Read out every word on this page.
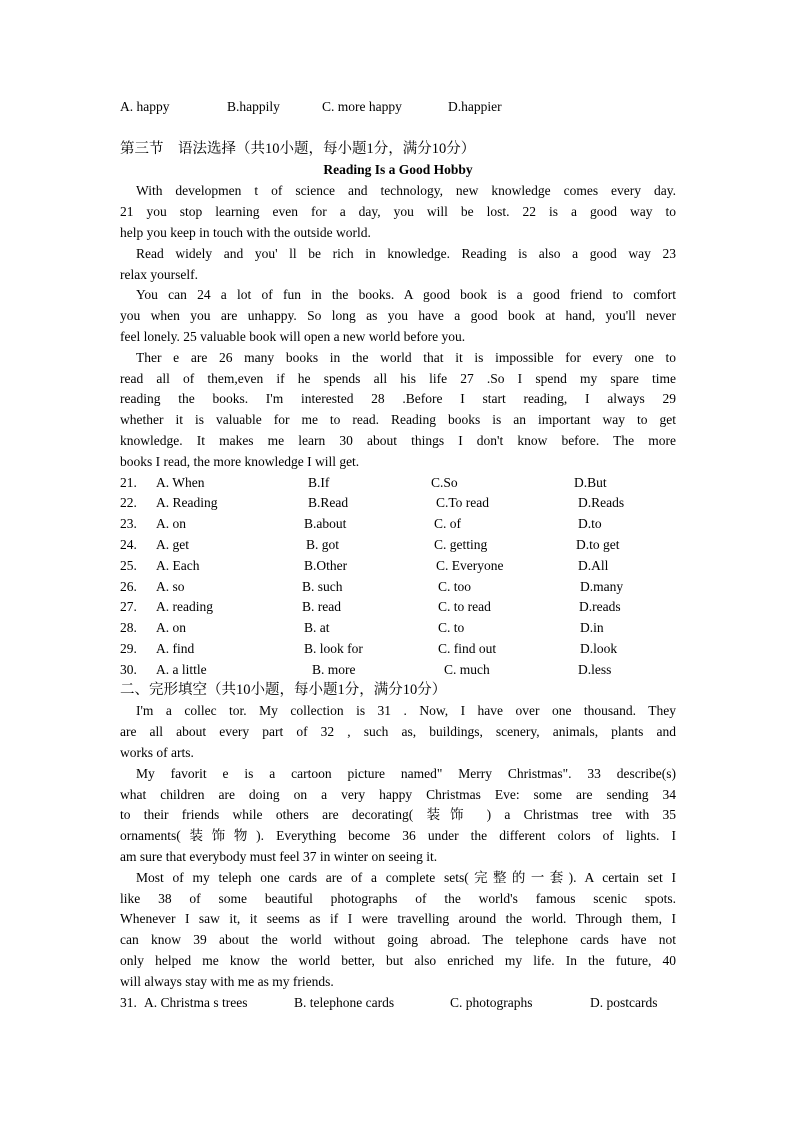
A. happy	B.happily	C. more happy	D.happier
第三节　语法选择（共10小题，每小题1分，满分10分）
Reading Is a Good Hobby
With developmen t of science and technology, new knowledge comes every day.
21 you stop learning even for a day, you will be lost. 22 is a good way to
help you keep in touch with the outside world.
Read widely and you' ll be rich in knowledge. Reading is also a good way 23
relax yourself.
You can 24 a lot of fun in the books. A good book is a good friend to comfort
you when you are unhappy. So long as you have a good book at hand, you'll never
feel lonely. 25 valuable book will open a new world before you.
Ther e are 26 many books in the world that it is impossible for every one to
read all of them,even if he spends all his life 27 .So I spend my spare time
reading the books. I'm interested 28 .Before I start reading, I always 29
whether it is valuable for me to read. Reading books is an important way to get
knowledge. It makes me learn 30 about things I don't know before. The more
books I read, the more knowledge I will get.
21. A. When	B.If	C.So	D.But
22. A. Reading	B.Read	C.To read	D.Reads
23. A. on	B.about	C. of	D.to
24. A. get	B. got	C. getting	D.to get
25. A. Each	B.Other	C. Everyone	D.All
26. A. so	B. such	C. too	D.many
27. A. reading	B. read	C. to read	D.reads
28. A. on	B. at	C. to	D.in
29. A. find	B. look for	C. find out	D.look
30. A. a little	B. more	C. much	D.less
二、完形填空（共10小题，每小题1分，满分10分）
I'm a collec tor. My collection is 31 . Now, I have over one thousand. They
are all about every part of 32 , such as, buildings, scenery, animals, plants and
works of arts.
My favorit e is a cartoon picture named" Merry Christmas". 33 describe(s)
what children are doing on a very happy Christmas Eve: some are sending 34
to their friends while others are decorating( 装饰 ) a Christmas tree with 35
ornaments(装饰物). Everything become 36 under the different colors of lights. I
am sure that everybody must feel 37 in winter on seeing it.
Most of my teleph one cards are of a complete sets(完整的一套). A certain set I
like 38 of some beautiful photographs of the world's famous scenic spots.
Whenever I saw it, it seems as if I were travelling around the world. Through them, I
can know 39 about the world without going abroad. The telephone cards have not
only helped me know the world better, but also enriched my life. In the future, 40
will always stay with me as my friends.
31. A. Christma s trees	B. telephone cards	C. photographs	D. postcards
